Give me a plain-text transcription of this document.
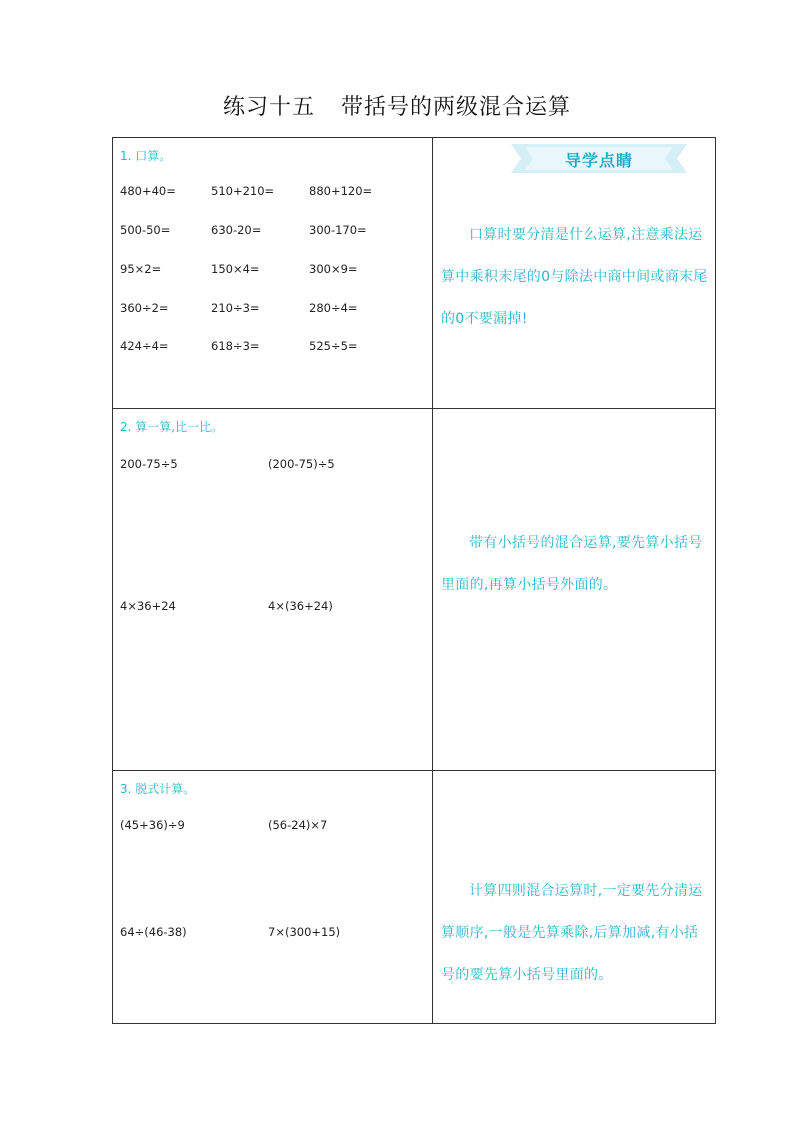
练习十五 带括号的两级混合运算
1. 口算。
480+40=	510+210=	880+120=
500-50=	630-20=	300-170=
95×2=	150×4=	300×9=
360÷2=	210÷3=	280÷4=
424÷4=	618÷3=	525÷5=
导学点睛
口算时要分清是什么运算,注意乘法运算中乘积末尾的0与除法中商中间或商末尾的0不要漏掉!
2. 算一算,比一比。
200-75÷5	(200-75)÷5
4×36+24	4×(36+24)
带有小括号的混合运算,要先算小括号里面的,再算小括号外面的。
3. 脱式计算。
(45+36)÷9	(56-24)×7
64÷(46-38)	7×(300+15)
计算四则混合运算时,一定要先分清运算顺序,一般是先算乘除,后算加减,有小括号的要先算小括号里面的。
